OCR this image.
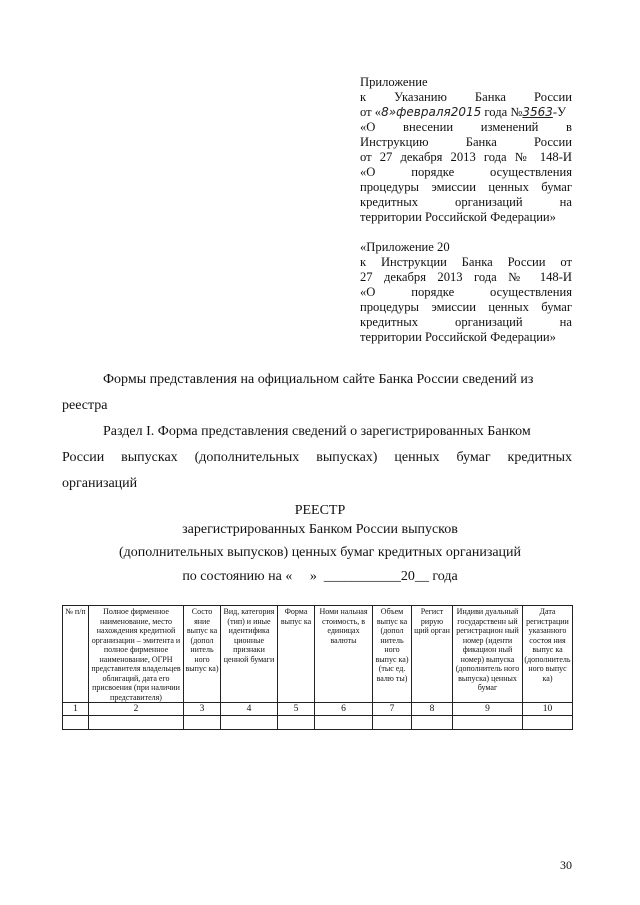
Приложение
к Указанию Банка России
от «8»февраля2015 года №3563-У
«О внесении изменений в
Инструкцию Банка России
от 27 декабря 2013 года № 148-И
«О порядке осуществления
процедуры эмиссии ценных бумаг
кредитных организаций на
территории Российской Федерации»
«Приложение 20
к Инструкции Банка России от
27 декабря 2013 года № 148-И
«О порядке осуществления
процедуры эмиссии ценных бумаг
кредитных организаций на
территории Российской Федерации»
Формы представления на официальном сайте Банка России сведений из
реестра
Раздел I. Форма представления сведений о зарегистрированных Банком
России выпусках (дополнительных выпусках) ценных бумаг кредитных
организаций
РЕЕСТР
зарегистрированных Банком России выпусков
(дополнительных выпусков) ценных бумаг кредитных организаций
по состоянию на «     »  ___________20__ года
№ п/п	Полное фирменное наименование, место нахождения кредитной организации – эмитента и полное фирменное наименование, ОГРН представителя владельцев облигаций, дата его присвоения (при наличии представителя)	Состо яние выпус ка (допол нитель ного выпус ка)	Вид, категория (тип) и иные идентифика ционные признаки ценной бумаги	Форма выпус ка	Номи нальная стоимость, в единицах валюты	Объем выпус ка (допол нитель ного выпус ка) (тыс ед. валю ты)	Регист рирую щий орган	Индиви дуальный государственн ый регистрацион ный номер (иденти фикацион ный номер) выпуска (дополнитель ного выпуска) ценных бумаг	Дата регистрации указанного состоя ния выпус ка (дополнитель ного выпус ка)
1	2	3	4	5	6	7	8	9	10

30
